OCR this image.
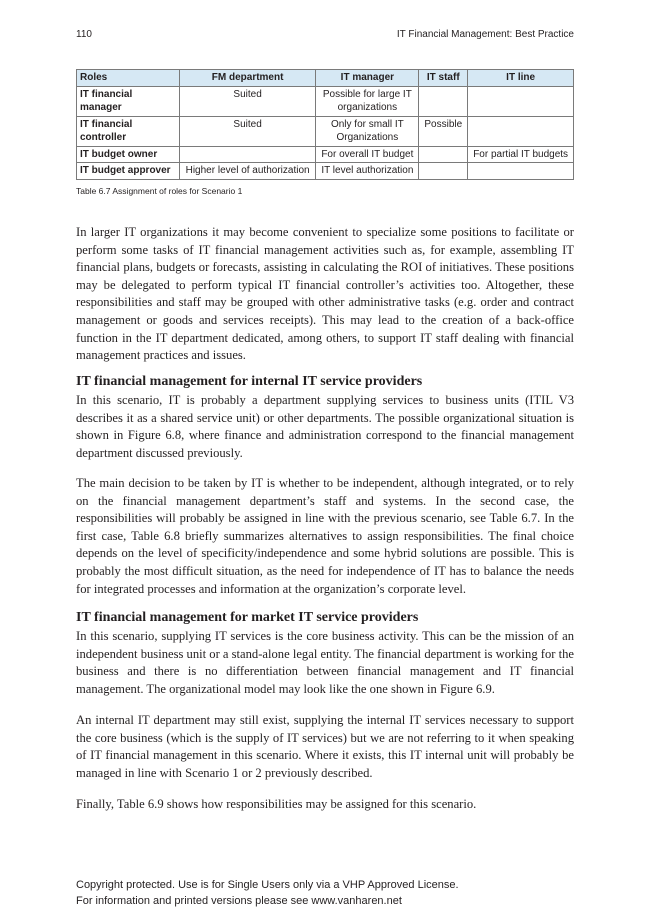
110	IT Financial Management: Best Practice
Roles	FM department	IT manager	IT staff	IT line
IT financial manager	Suited	Possible for large IT organizations		
IT financial controller	Suited	Only for small IT Organizations	Possible	
IT budget owner		For overall IT budget		For partial IT budgets
IT budget approver	Higher level of authorization	IT level authorization		
Table 6.7 Assignment of roles for Scenario 1

In larger IT organizations it may become convenient to specialize some positions to facilitate or perform some tasks of IT financial management activities such as, for example, assembling IT financial plans, budgets or forecasts, assisting in calculating the ROI of initiatives. These positions may be delegated to perform typical IT financial controller’s activities too. Altogether, these responsibilities and staff may be grouped with other administrative tasks (e.g. order and contract management or goods and services receipts). This may lead to the creation of a back-office function in the IT department dedicated, among others, to support IT staff dealing with financial management practices and issues.

IT financial management for internal IT service providers

In this scenario, IT is probably a department supplying services to business units (ITIL V3 describes it as a shared service unit) or other departments. The possible organizational situation is shown in Figure 6.8, where finance and administration correspond to the financial management department discussed previously.

The main decision to be taken by IT is whether to be independent, although integrated, or to rely on the financial management department’s staff and systems. In the second case, the responsibilities will probably be assigned in line with the previous scenario, see Table 6.7. In the first case, Table 6.8 briefly summarizes alternatives to assign responsibilities. The final choice depends on the level of specificity/independence and some hybrid solutions are possible. This is probably the most difficult situation, as the need for independence of IT has to balance the needs for integrated processes and information at the organization’s corporate level.

IT financial management for market IT service providers

In this scenario, supplying IT services is the core business activity. This can be the mission of an independent business unit or a stand-alone legal entity. The financial department is working for the business and there is no differentiation between financial management and IT financial management. The organizational model may look like the one shown in Figure 6.9.

An internal IT department may still exist, supplying the internal IT services necessary to support the core business (which is the supply of IT services) but we are not referring to it when speaking of IT financial management in this scenario. Where it exists, this IT internal unit will probably be managed in line with Scenario 1 or 2 previously described.

Finally, Table 6.9 shows how responsibilities may be assigned for this scenario.

Copyright protected. Use is for Single Users only via a VHP Approved License.
For information and printed versions please see www.vanharen.net
